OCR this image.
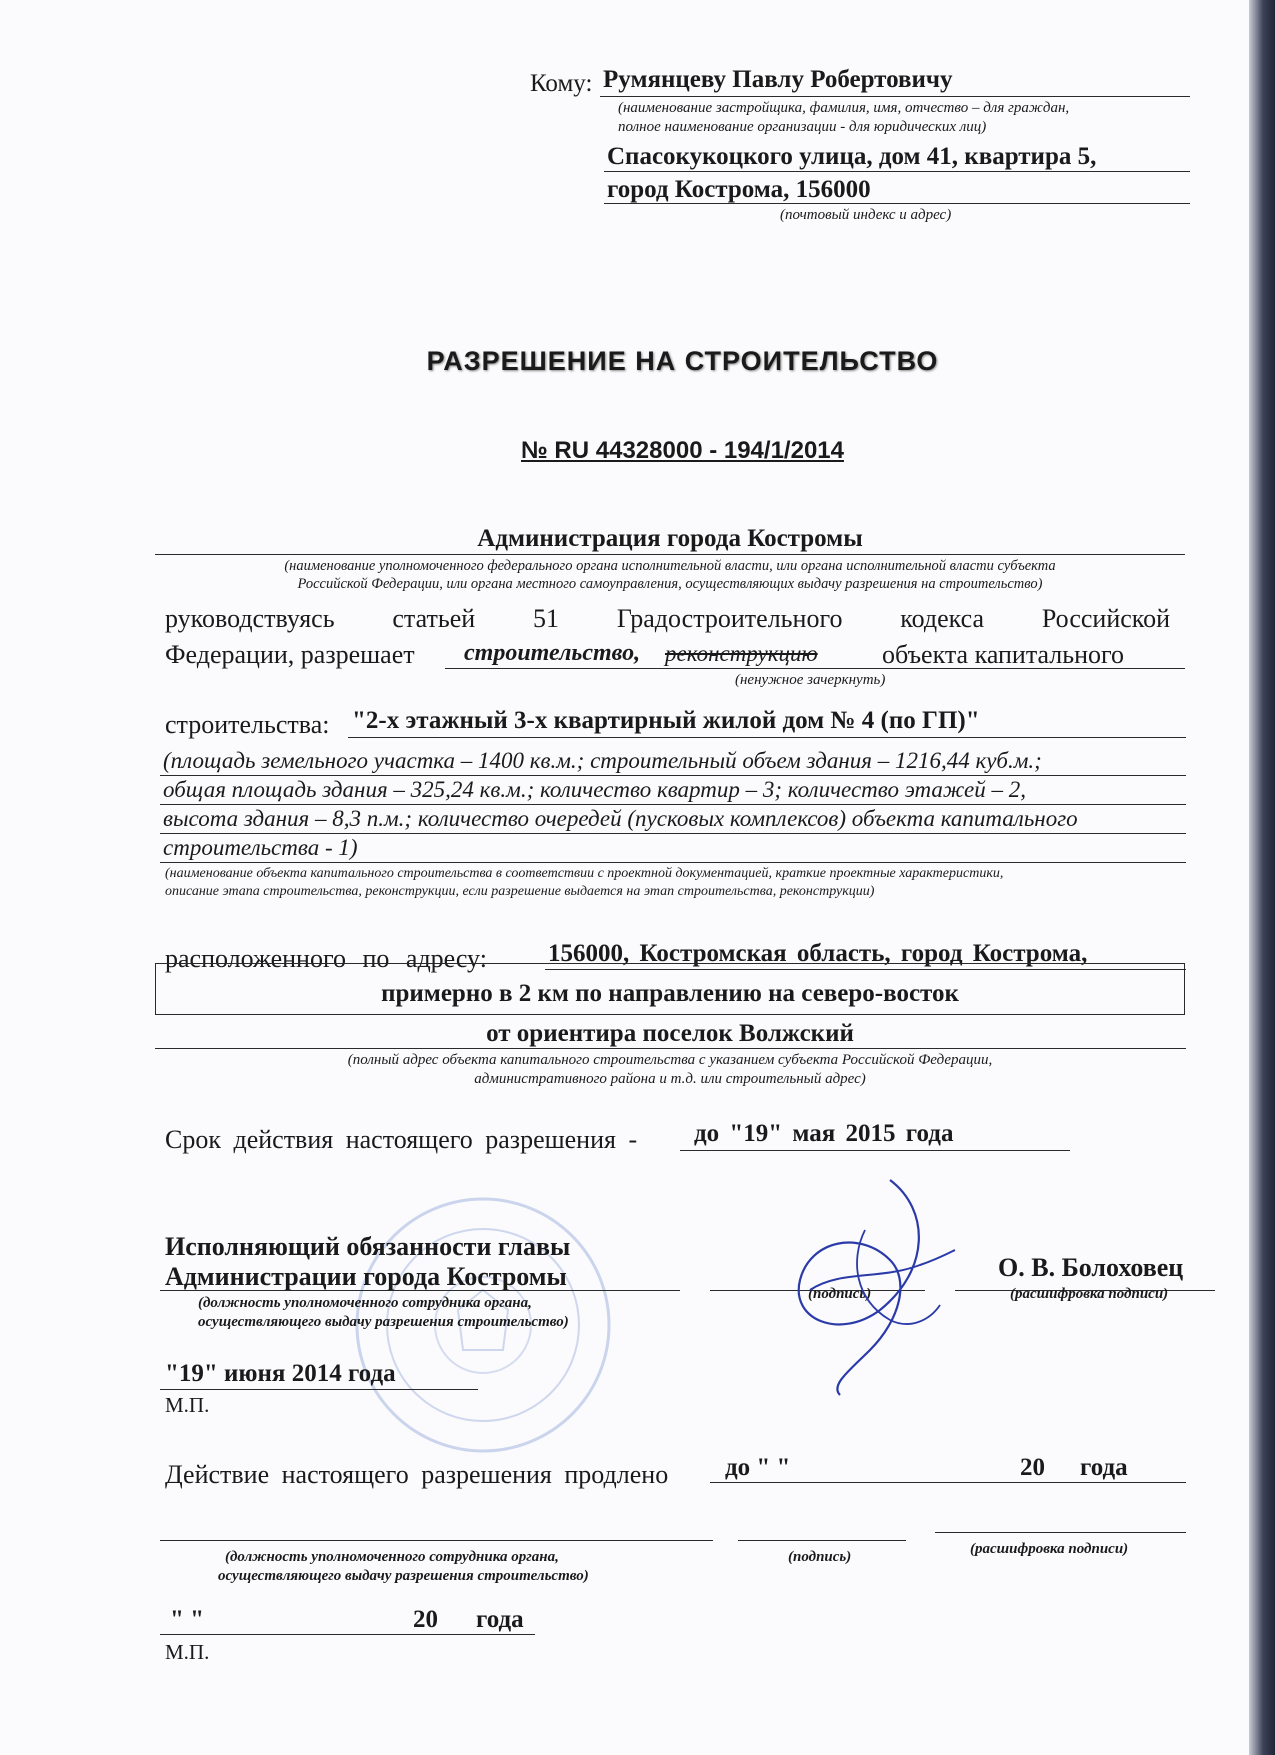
Кому: Румянцеву Павлу Робертовичу
(наименование застройщика, фамилия, имя, отчество – для граждан,
полное наименование организации - для юридических лиц)
Спасокукоцкого улица, дом 41, квартира 5,
город Кострома, 156000
(почтовый индекс и адрес)
РАЗРЕШЕНИЕ НА СТРОИТЕЛЬСТВО
№ RU 44328000 - 194/1/2014
Администрация города Костромы
(наименование уполномоченного федерального органа исполнительной власти, или органа исполнительной власти субъекта
Российской Федерации, или органа местного самоуправления, осуществляющих выдачу разрешения на строительство)
руководствуясь статьей 51 Градостроительного кодекса Российской
Федерации, разрешает строительство, реконструкцию объекта капитального
(ненужное зачеркнуть)
строительства: "2-х этажный 3-х квартирный жилой дом № 4 (по ГП)"
(площадь земельного участка – 1400 кв.м.; строительный объем здания – 1216,44 куб.м.;
общая площадь здания – 325,24 кв.м.; количество квартир – 3; количество этажей – 2,
высота здания – 8,3 п.м.; количество очередей (пусковых комплексов) объекта капитального
строительства - 1)
(наименование объекта капитального строительства в соответствии с проектной документацией, краткие проектные характеристики,
описание этапа строительства, реконструкции, если разрешение выдается на этап строительства, реконструкции)
расположенного по адресу: 156000, Костромская область, город Кострома,
примерно в 2 км по направлению на северо-восток
от ориентира поселок Волжский
(полный адрес объекта капитального строительства с указанием субъекта Российской Федерации,
административного района и т.д. или строительный адрес)
Срок действия настоящего разрешения - до "19" мая 2015 года
Исполняющий обязанности главы
Администрации города Костромы	О. В. Болоховец
(должность уполномоченного сотрудника органа,
осуществляющего выдачу разрешения строительство)
(подпись)	(расшифровка подписи)
"19" июня 2014 года
М.П.
Действие настоящего разрешения продлено до " "	20 года
(должность уполномоченного сотрудника органа,
осуществляющего выдачу разрешения строительство)
(подпись)	(расшифровка подписи)
" "	20 года
М.П.
